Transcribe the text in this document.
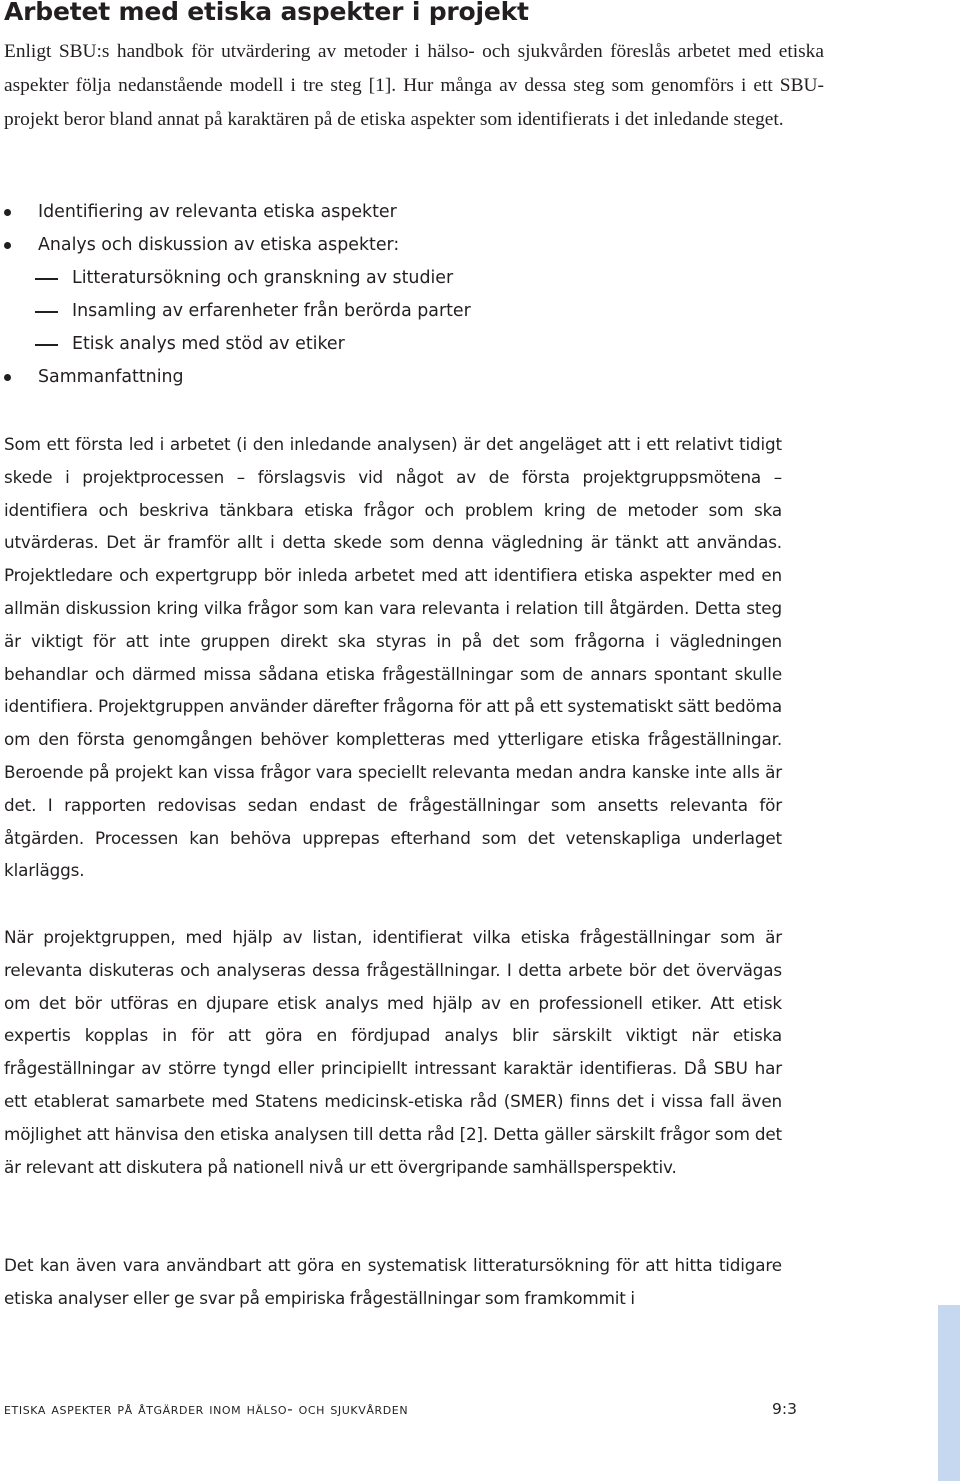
Arbetet med etiska aspekter i projekt

Enligt SBU:s handbok för utvärdering av metoder i hälso- och sjukvården föreslås arbetet med etiska aspekter följa nedanstående modell i tre steg [1]. Hur många av dessa steg som genomförs i ett SBU-projekt beror bland annat på karaktären på de etiska aspekter som identifierats i det inledande steget.

Identifiering av relevanta etiska aspekter
Analys och diskussion av etiska aspekter:
Litteratursökning och granskning av studier
Insamling av erfarenheter från berörda parter
Etisk analys med stöd av etiker
Sammanfattning

Som ett första led i arbetet (i den inledande analysen) är det angeläget att i ett relativt tidigt skede i projektprocessen – förslagsvis vid något av de första projektgruppsmötena – identifiera och beskriva tänkbara etiska frågor och problem kring de metoder som ska utvärderas. Det är framför allt i detta skede som denna vägledning är tänkt att användas. Projektledare och expertgrupp bör inleda arbetet med att identifiera etiska aspekter med en allmän diskussion kring vilka frågor som kan vara relevanta i relation till åtgärden. Detta steg är viktigt för att inte gruppen direkt ska styras in på det som frågorna i vägledningen behandlar och därmed missa sådana etiska frågeställningar som de annars spontant skulle identifiera. Projektgruppen använder därefter frågorna för att på ett systematiskt sätt bedöma om den första genomgången behöver kompletteras med ytterligare etiska frågeställningar. Beroende på projekt kan vissa frågor vara speciellt relevanta medan andra kanske inte alls är det. I rapporten redovisas sedan endast de frågeställningar som ansetts relevanta för åtgärden. Processen kan behöva upprepas efterhand som det vetenskapliga underlaget klarläggs.

När projektgruppen, med hjälp av listan, identifierat vilka etiska frågeställningar som är relevanta diskuteras och analyseras dessa frågeställningar. I detta arbete bör det övervägas om det bör utföras en djupare etisk analys med hjälp av en professionell etiker. Att etisk expertis kopplas in för att göra en fördjupad analys blir särskilt viktigt när etiska frågeställningar av större tyngd eller principiellt intressant karaktär identifieras. Då SBU har ett etablerat samarbete med Statens medicinsk-etiska råd (SMER) finns det i vissa fall även möjlighet att hänvisa den etiska analysen till detta råd [2]. Detta gäller särskilt frågor som det är relevant att diskutera på nationell nivå ur ett övergripande samhällsperspektiv.

Det kan även vara användbart att göra en systematisk litteratursökning för att hitta tidigare etiska analyser eller ge svar på empiriska frågeställningar som framkommit i

etiska aspekter på åtgärder inom hälso- och sjukvården	9:3
